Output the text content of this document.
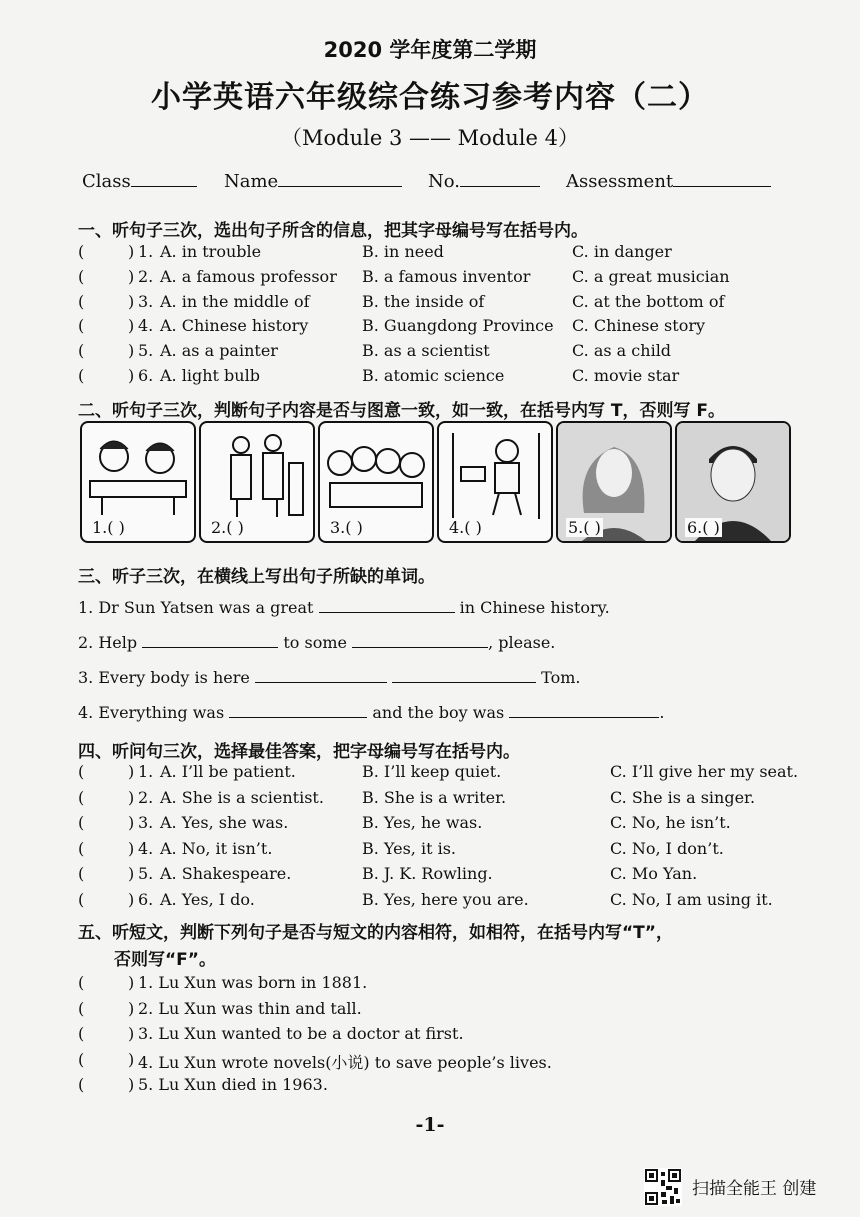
2020 学年度第二学期
小学英语六年级综合练习参考内容（二）
（Module 3 —— Module 4）
Class	Name	No.	Assessment
一、听句子三次，选出句子所含的信息，把其字母编号写在括号内。
(	) 1. A. in trouble	B. in need	C. in danger
(	) 2. A. a famous professor B. a famous inventor	C. a great musician
(	) 3. A. in the middle of	B. the inside of	C. at the bottom of
(	) 4. A. Chinese history	B. Guangdong Province C. Chinese story
(	) 5. A. as a painter	B. as a scientist	C. as a child
(	) 6. A. light bulb	B. atomic science	C. movie star
二、听句子三次，判断句子内容是否与图意一致，如一致，在括号内写 T，否则写 F。
1.( )	2.( )	3.( )	4.( )	5.( )	6.( )
三、听子三次，在横线上写出句子所缺的单词。
1. Dr Sun Yatsen was a great	in Chinese history.
2. Help	to some	, please.
3. Every body is here	Tom.
4. Everything was	and the boy was	.
四、听问句三次，选择最佳答案，把字母编号写在括号内。
(	) 1. A. I’ll be patient.	B. I’ll keep quiet.	C. I’ll give her my seat.
(	) 2. A. She is a scientist. B. She is a writer.	C. She is a singer.
(	) 3. A. Yes, she was.	B. Yes, he was.	C. No, he isn’t.
(	) 4. A. No, it isn’t.	B. Yes, it is.	C. No, I don’t.
(	) 5. A. Shakespeare.	B. J. K. Rowling.	C. Mo Yan.
(	) 6. A. Yes, I do.	B. Yes, here you are.	C. No, I am using it.
五、听短文，判断下列句子是否与短文的内容相符，如相符，在括号内写“T”，
否则写“F”。
(	) 1. Lu Xun was born in 1881.
(	) 2. Lu Xun was thin and tall.
(	) 3. Lu Xun wanted to be a doctor at first.
(	) 4. Lu Xun wrote novels(小说) to save people’s lives.
(	) 5. Lu Xun died in 1963.
-1-
扫描全能王 创建
